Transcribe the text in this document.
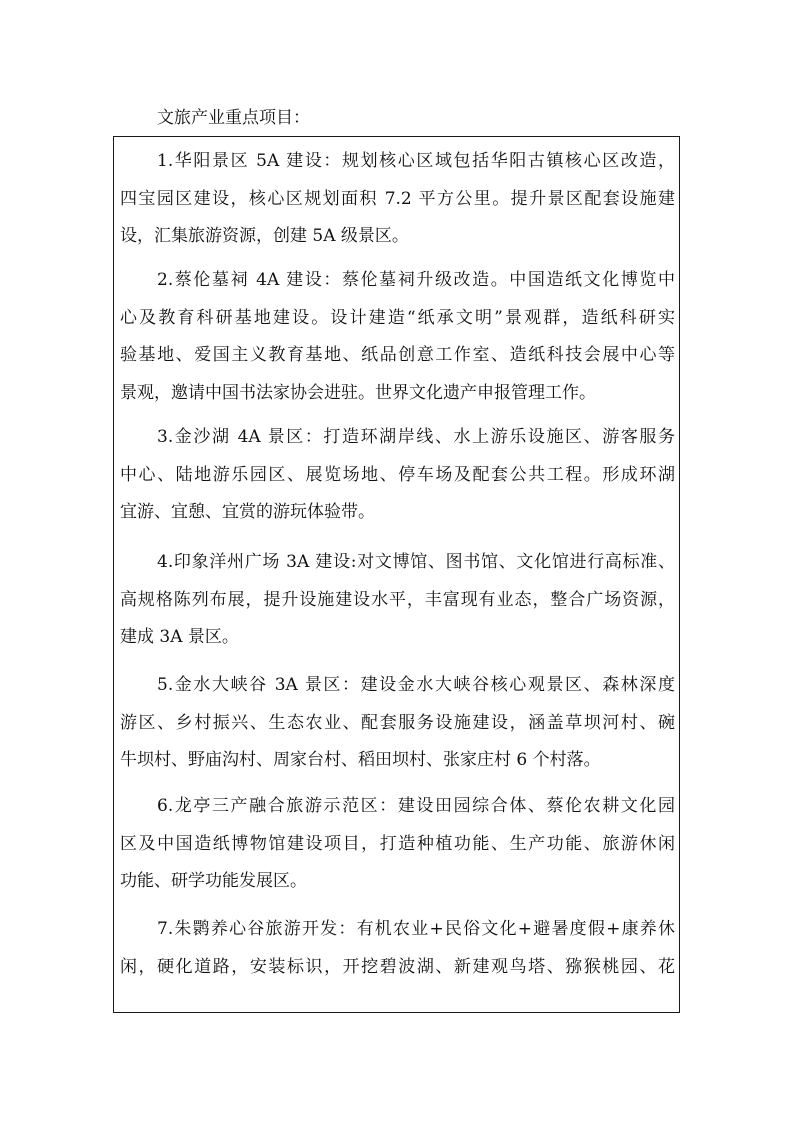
文旅产业重点项目：
1.华阳景区 5A 建设：规划核心区域包括华阳古镇核心区改造，
四宝园区建设，核心区规划面积 7.2 平方公里。提升景区配套设施建
设，汇集旅游资源，创建 5A 级景区。
2.蔡伦墓祠 4A 建设：蔡伦墓祠升级改造。中国造纸文化博览中
心及教育科研基地建设。设计建造“纸承文明”景观群，造纸科研实
验基地、爱国主义教育基地、纸品创意工作室、造纸科技会展中心等
景观，邀请中国书法家协会进驻。世界文化遗产申报管理工作。
3.金沙湖 4A 景区：打造环湖岸线、水上游乐设施区、游客服务
中心、陆地游乐园区、展览场地、停车场及配套公共工程。形成环湖
宜游、宜憩、宜赏的游玩体验带。
4.印象洋州广场 3A 建设:对文博馆、图书馆、文化馆进行高标准、
高规格陈列布展，提升设施建设水平，丰富现有业态，整合广场资源，
建成 3A 景区。
5.金水大峡谷 3A 景区：建设金水大峡谷核心观景区、森林深度
游区、乡村振兴、生态农业、配套服务设施建设，涵盖草坝河村、碗
牛坝村、野庙沟村、周家台村、稻田坝村、张家庄村 6 个村落。
6.龙亭三产融合旅游示范区：建设田园综合体、蔡伦农耕文化园
区及中国造纸博物馆建设项目，打造种植功能、生产功能、旅游休闲
功能、研学功能发展区。
7.朱鹮养心谷旅游开发：有机农业+民俗文化+避暑度假+康养休
闲，硬化道路，安装标识，开挖碧波湖、新建观鸟塔、猕猴桃园、花
